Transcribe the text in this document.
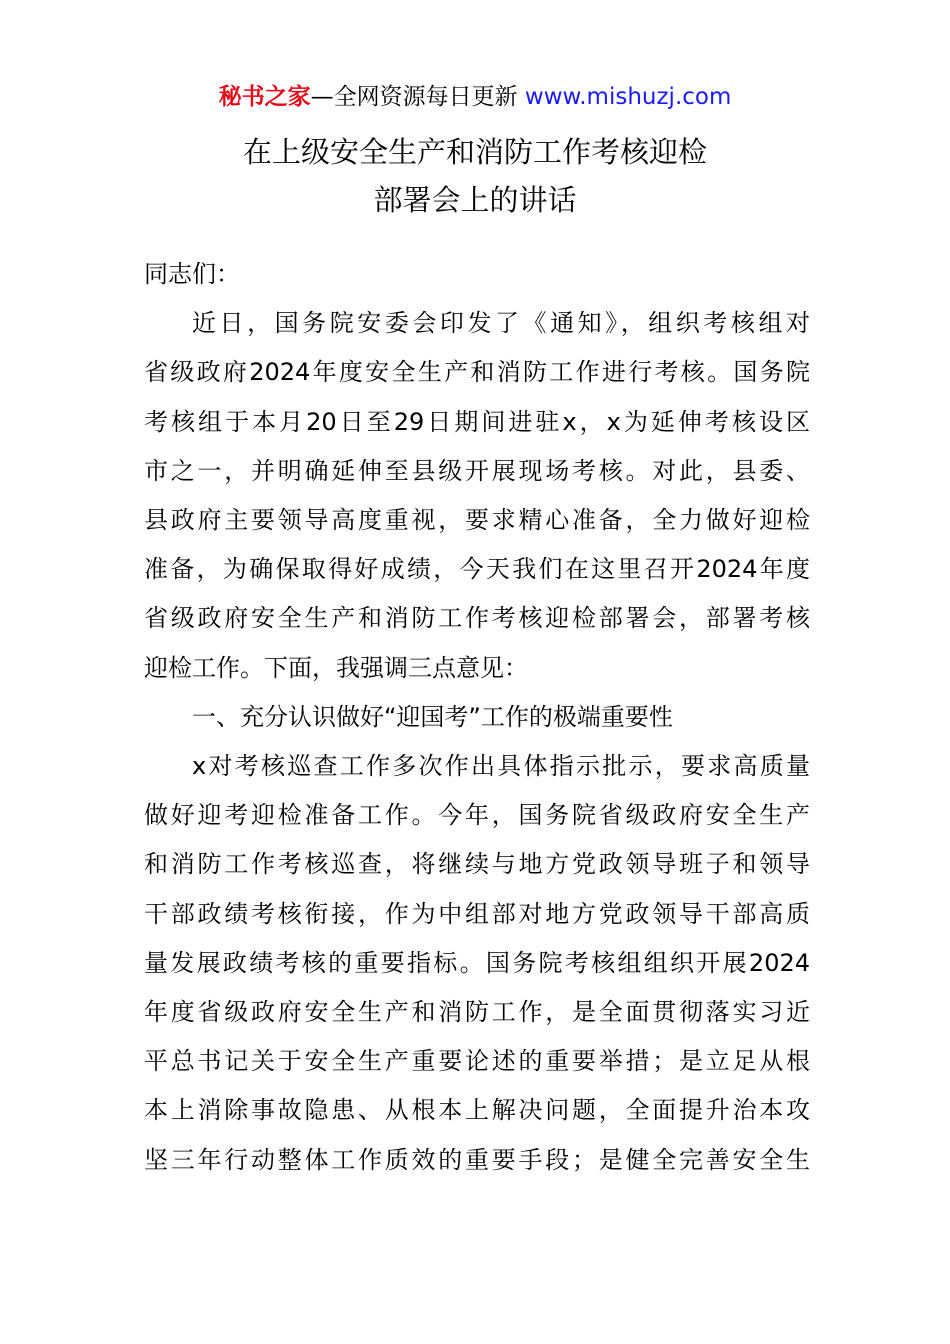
秘书之家—全网资源每日更新 www.mishuzj.com
在上级安全生产和消防工作考核迎检
部署会上的讲话

同志们：

近日，国务院安委会印发了《通知》，组织考核组对
省级政府2024年度安全生产和消防工作进行考核。国务院
考核组于本月20日至29日期间进驻x，x为延伸考核设区
市之一，并明确延伸至县级开展现场考核。对此，县委、
县政府主要领导高度重视，要求精心准备，全力做好迎检
准备，为确保取得好成绩，今天我们在这里召开2024年度
省级政府安全生产和消防工作考核迎检部署会，部署考核
迎检工作。下面，我强调三点意见：

一、充分认识做好“迎国考”工作的极端重要性

x对考核巡查工作多次作出具体指示批示，要求高质量
做好迎考迎检准备工作。今年，国务院省级政府安全生产
和消防工作考核巡查，将继续与地方党政领导班子和领导
干部政绩考核衔接，作为中组部对地方党政领导干部高质
量发展政绩考核的重要指标。国务院考核组组织开展2024
年度省级政府安全生产和消防工作，是全面贯彻落实习近
平总书记关于安全生产重要论述的重要举措；是立足从根
本上消除事故隐患、从根本上解决问题，全面提升治本攻
坚三年行动整体工作质效的重要手段；是健全完善安全生
